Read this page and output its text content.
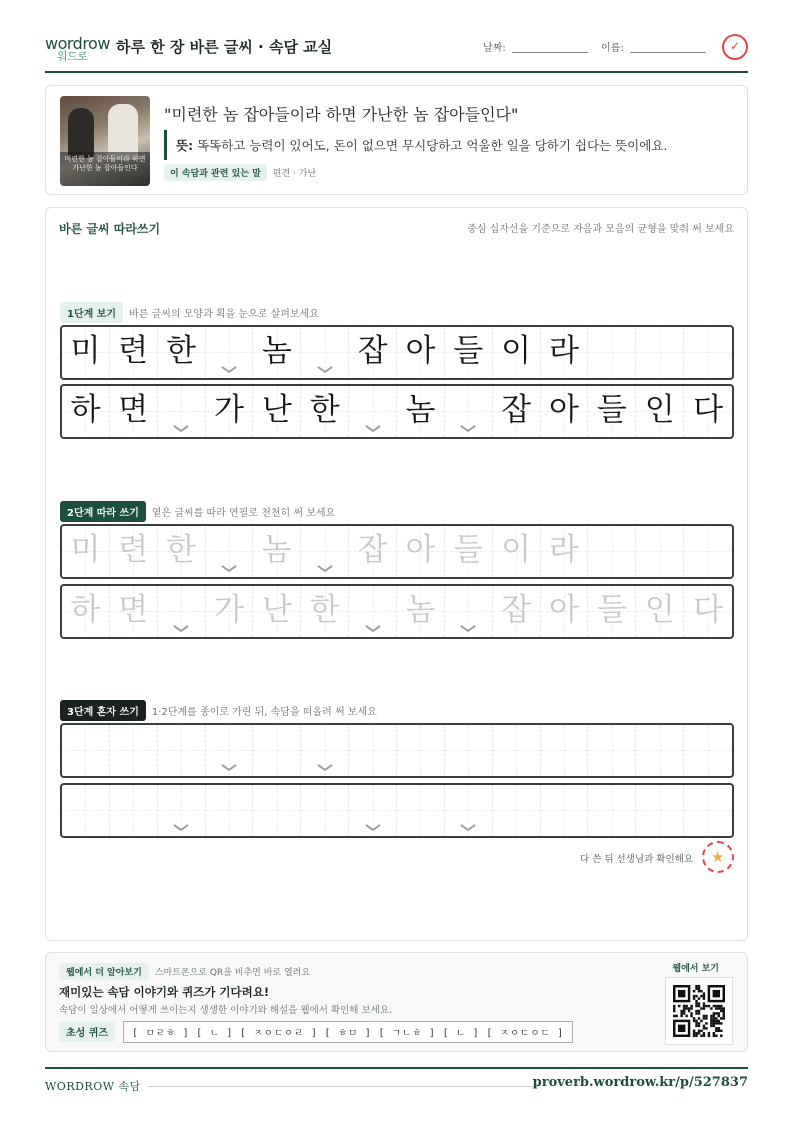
wordrow
워드로
하루 한 장 바른 글씨 · 속담 교실	날짜:	이름:
✓
미련한 놈 잡아들이라 하면 가난한 놈 잡아들인다
"미련한 놈 잡아들이라 하면 가난한 놈 잡아들인다"
뜻: 똑똑하고 능력이 있어도, 돈이 없으면 무시당하고 억울한 일을 당하기 쉽다는 뜻이에요.
이 속담과 관련 있는 말 편견 · 가난
바른 글씨 따라쓰기	중심 십자선을 기준으로 자음과 모음의 균형을 맞춰 써 보세요
1단계 보기 바른 글씨의 모양과 획을 눈으로 살펴보세요
미 련 한 놈 잡 아 들 이 라
하 면 가 난 한 놈 잡 아 들 인 다
2단계 따라 쓰기 옅은 글씨를 따라 연필로 천천히 써 보세요
미 련 한 놈 잡 아 들 이 라
하 면 가 난 한 놈 잡 아 들 인 다
3단계 혼자 쓰기 1·2단계를 종이로 가린 뒤, 속담을 떠올려 써 보세요
다 쓴 뒤 선생님과 확인해요
★
웹에서 더 알아보기 스마트폰으로 QR을 비추면 바로 열려요
재미있는 속담 이야기와 퀴즈가 기다려요!
속담이 일상에서 어떻게 쓰이는지 생생한 이야기와 해설을 웹에서 확인해 보세요.
초성 퀴즈	[ ㅁㄹㅎ ] [ ㄴ ] [ ㅈㅇㄷㅇㄹ ] [ ㅎㅁ ] [ ㄱㄴㅎ ] [ ㄴ ] [ ㅈㅇㄷㅇㄷ ]
웹에서 보기
WORDROW 속담	proverb.wordrow.kr/p/527837
